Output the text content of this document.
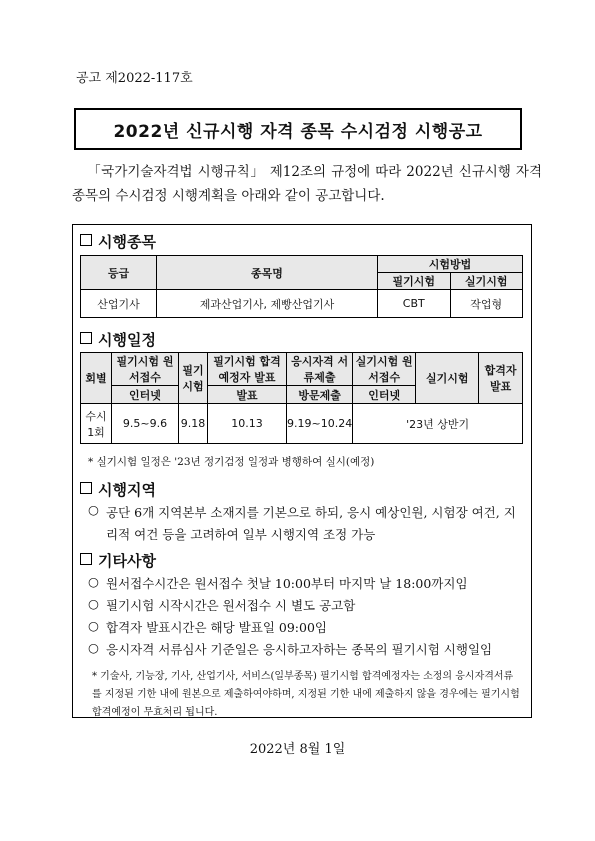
공고 제2022-117호
2022년 신규시행 자격 종목 수시검정 시행공고
「국가기술자격법 시행규칙」 제12조의 규정에 따라 2022년 신규시행 자격 종목의 수시검정 시행계획을 아래와 같이 공고합니다.
시행종목
등급	종목명	시험방법	
		필기시험	실기시험
산업기사	제과산업기사, 제빵산업기사	CBT	작업형
시행일정
회별	필기시험 원서접수	필기시험	필기시험 합격예정자 발표	응시자격 서류제출	실기시험 원서접수	실기시험	합격자 발표
	인터넷		발표	방문제출	인터넷		
수시 1회	9.5~9.6	9.18	10.13	9.19~10.24	'23년 상반기		
* 실기시험 일정은 '23년 정기검정 일정과 병행하여 실시(예정)
시행지역
○ 공단 6개 지역본부 소재지를 기본으로 하되, 응시 예상인원, 시험장 여건, 지리적 여건 등을 고려하여 일부 시행지역 조정 가능
기타사항
○ 원서접수시간은 원서접수 첫날 10:00부터 마지막 날 18:00까지임
○ 필기시험 시작시간은 원서접수 시 별도 공고함
○ 합격자 발표시간은 해당 발표일 09:00임
○ 응시자격 서류심사 기준일은 응시하고자하는 종목의 필기시험 시행일임
* 기술사, 기능장, 기사, 산업기사, 서비스(일부종목) 필기시험 합격예정자는 소정의 응시자격서류를 지정된 기한 내에 원본으로 제출하여야하며, 지정된 기한 내에 제출하지 않을 경우에는 필기시험 합격예정이 무효처리 됩니다.
2022년 8월 1일
